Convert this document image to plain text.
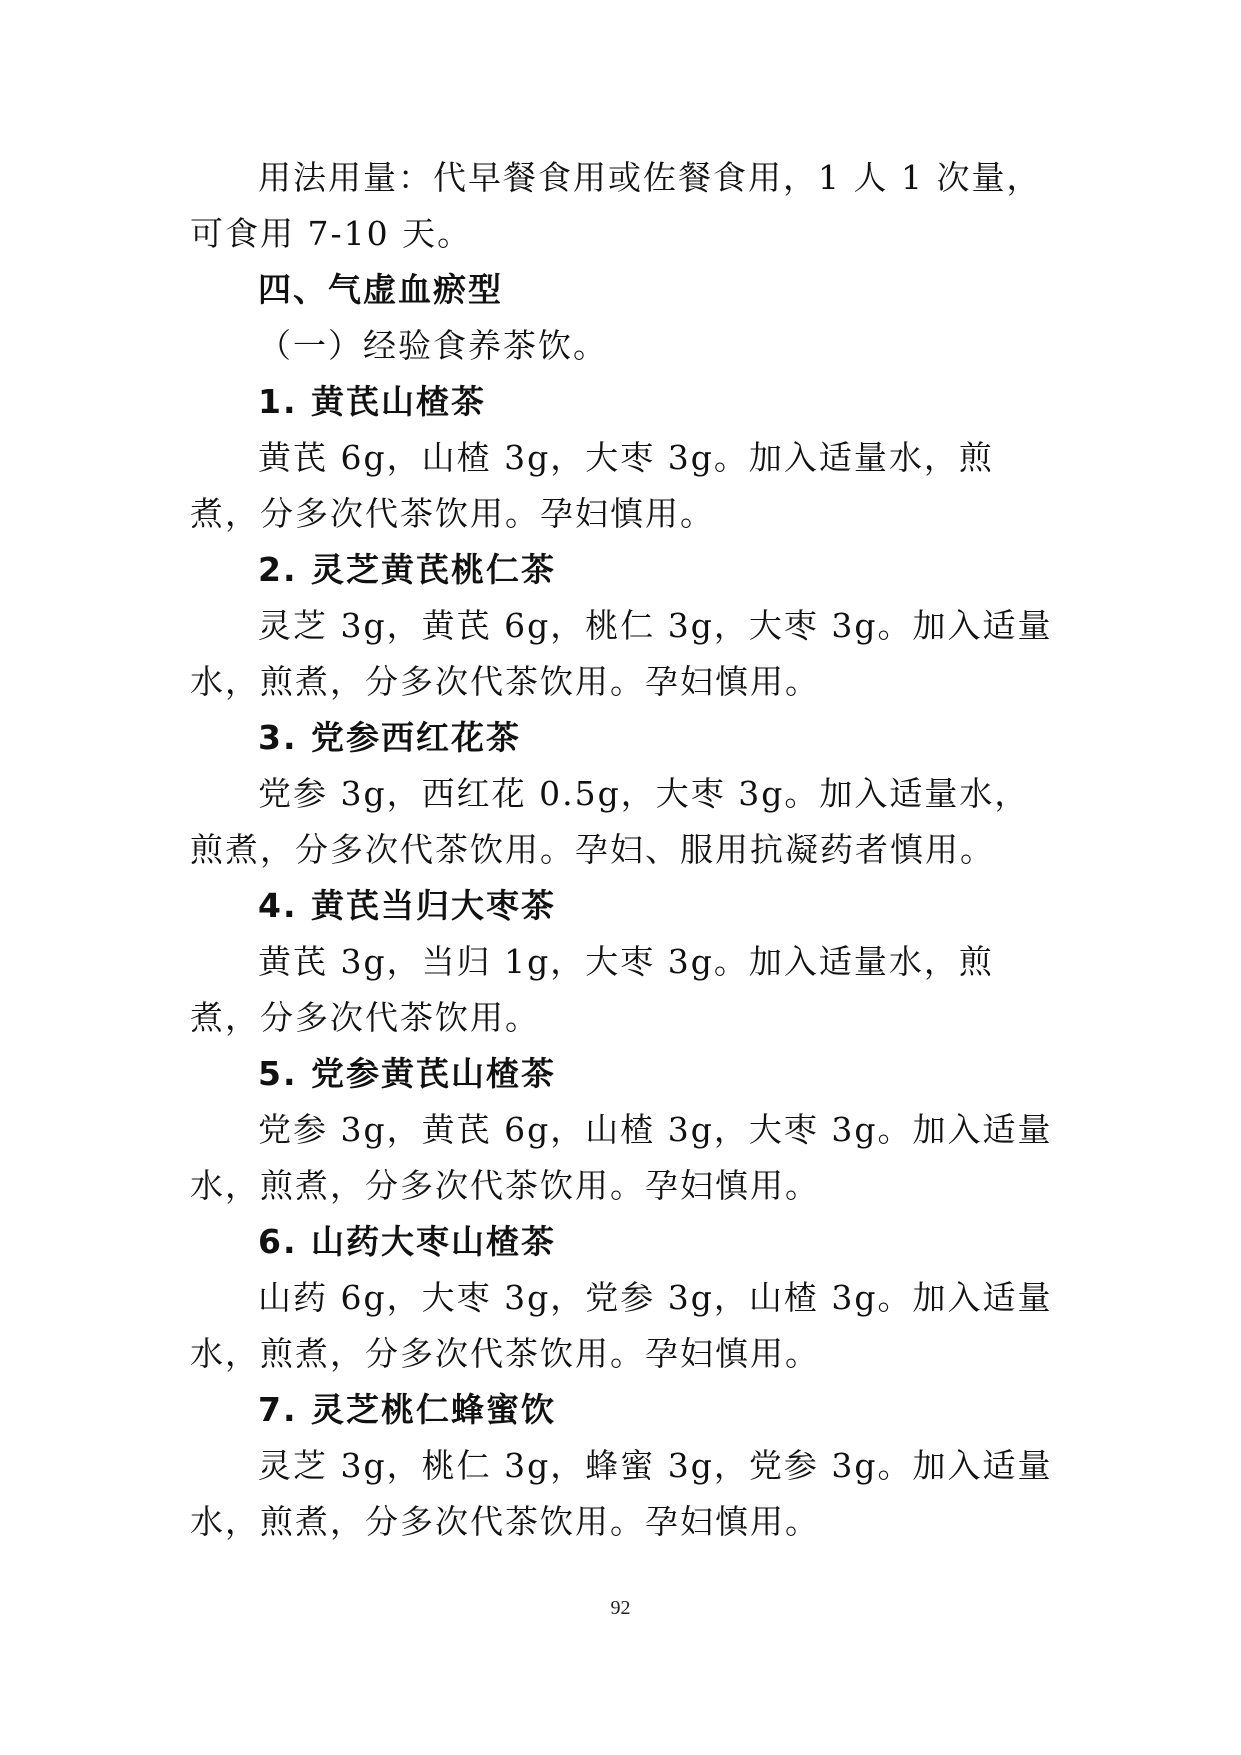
用法用量：代早餐食用或佐餐食用，1 人 1 次量，可食用 7-10 天。

四、气虚血瘀型

（一）经验食养茶饮。

1. 黄芪山楂茶

黄芪 6g，山楂 3g，大枣 3g。加入适量水，煎煮，分多次代茶饮用。孕妇慎用。

2. 灵芝黄芪桃仁茶

灵芝 3g，黄芪 6g，桃仁 3g，大枣 3g。加入适量水，煎煮，分多次代茶饮用。孕妇慎用。

3. 党参西红花茶

党参 3g，西红花 0.5g，大枣 3g。加入适量水，煎煮，分多次代茶饮用。孕妇、服用抗凝药者慎用。

4. 黄芪当归大枣茶

黄芪 3g，当归 1g，大枣 3g。加入适量水，煎煮，分多次代茶饮用。

5. 党参黄芪山楂茶

党参 3g，黄芪 6g，山楂 3g，大枣 3g。加入适量水，煎煮，分多次代茶饮用。孕妇慎用。

6. 山药大枣山楂茶

山药 6g，大枣 3g，党参 3g，山楂 3g。加入适量水，煎煮，分多次代茶饮用。孕妇慎用。

7. 灵芝桃仁蜂蜜饮

灵芝 3g，桃仁 3g，蜂蜜 3g，党参 3g。加入适量水，煎煮，分多次代茶饮用。孕妇慎用。

92
